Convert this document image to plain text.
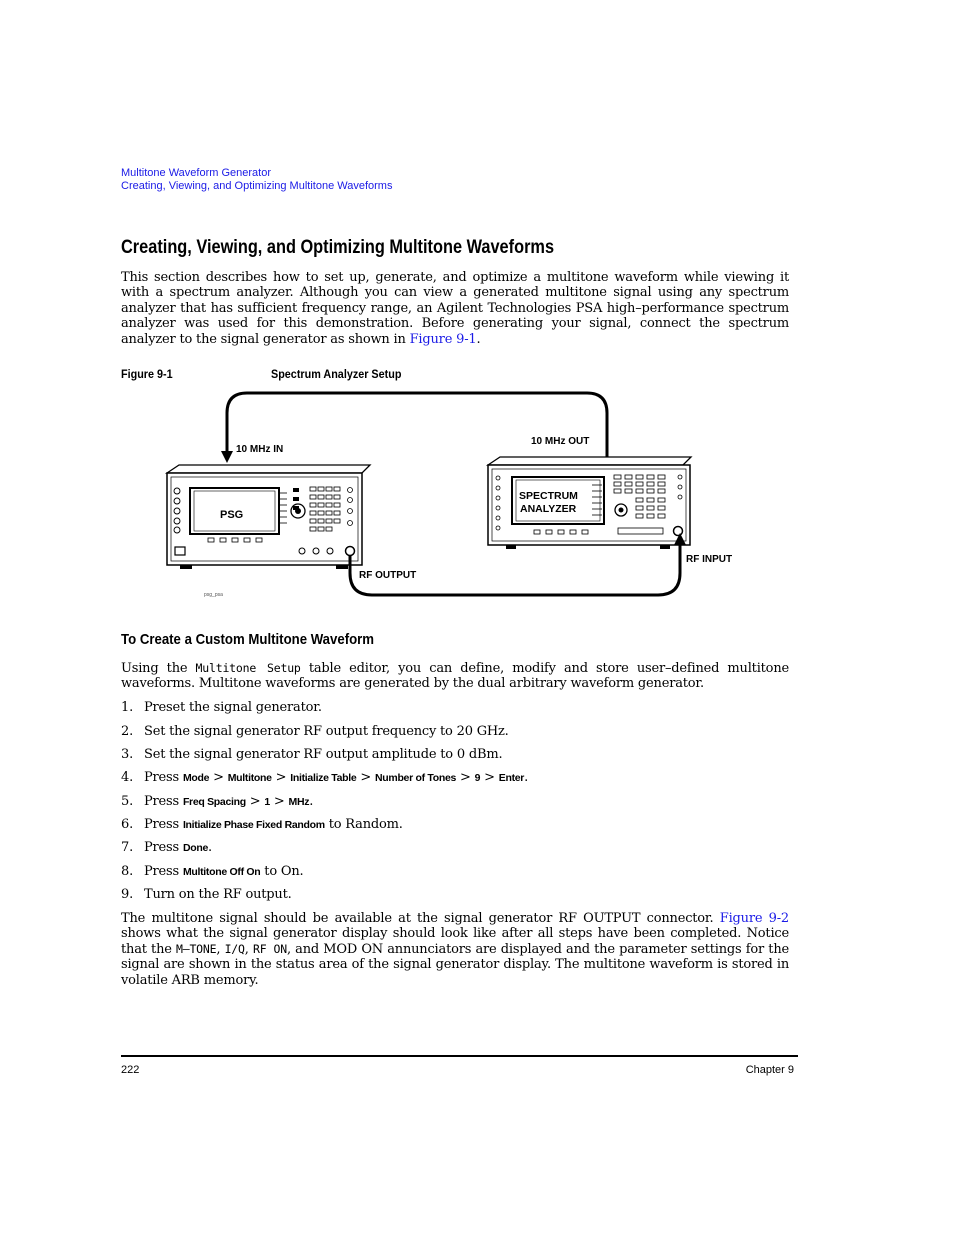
Multitone Waveform Generator
Creating, Viewing, and Optimizing Multitone Waveforms
Creating, Viewing, and Optimizing Multitone Waveforms

This section describes how to set up, generate, and optimize a multitone waveform while viewing it with a spectrum analyzer. Although you can view a generated multitone signal using any spectrum analyzer that has sufficient frequency range, an Agilent Technologies PSA high–performance spectrum analyzer was used for this demonstration. Before generating your signal, connect the spectrum analyzer to the signal generator as shown in Figure 9-1.

Figure 9-1	Spectrum Analyzer Setup
10 MHz IN
10 MHz OUT
PSG
SPECTRUM
ANALYZER
RF OUTPUT
RF INPUT
psg_psa
To Create a Custom Multitone Waveform

Using the Multitone Setup table editor, you can define, modify and store user–defined multitone waveforms. Multitone waveforms are generated by the dual arbitrary waveform generator.

1. Preset the signal generator.
2. Set the signal generator RF output frequency to 20 GHz.
3. Set the signal generator RF output amplitude to 0 dBm.
4. Press Mode > Multitone > Initialize Table > Number of Tones > 9 > Enter.
5. Press Freq Spacing > 1 > MHz.
6. Press Initialize Phase Fixed Random to Random.
7. Press Done.
8. Press Multitone Off On to On.
9. Turn on the RF output.

The multitone signal should be available at the signal generator RF OUTPUT connector. Figure 9-2 shows what the signal generator display should look like after all steps have been completed. Notice that the M–TONE, I/Q, RF ON, and MOD ON annunciators are displayed and the parameter settings for the signal are shown in the status area of the signal generator display. The multitone waveform is stored in volatile ARB memory.

222	Chapter 9
